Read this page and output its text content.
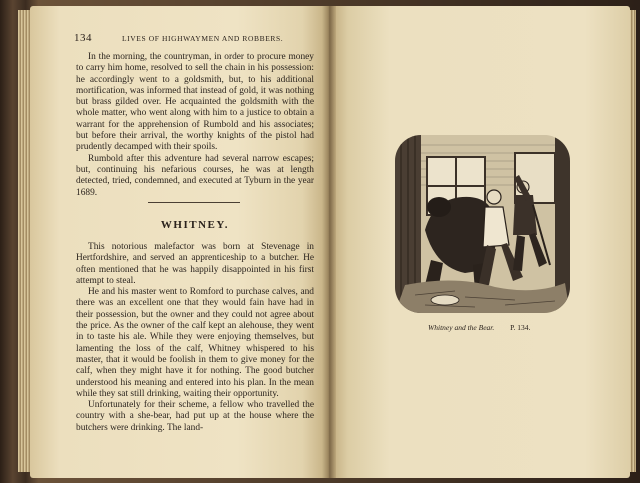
134	LIVES OF HIGHWAYMEN AND ROBBERS.

In the morning, the countryman, in order to procure money to carry him home, resolved to sell the chain in his possession: he accordingly went to a goldsmith, but, to his additional mortification, was informed that instead of gold, it was nothing but brass gilded over. He acquainted the goldsmith with the whole matter, who went along with him to a justice to obtain a warrant for the apprehension of Rumbold and his associates; but before their arrival, the worthy knights of the pistol had prudently decamped with their spoils.

Rumbold after this adventure had several narrow escapes; but, continuing his nefarious courses, he was at length detected, tried, condemned, and executed at Tyburn in the year 1689.

WHITNEY.

This notorious malefactor was born at Stevenage in Hertfordshire, and served an apprenticeship to a butcher. He often mentioned that he was happily disappointed in his first attempt to steal.

He and his master went to Romford to purchase calves, and there was an excellent one that they would fain have had in their possession, but the owner and they could not agree about the price. As the owner of the calf kept an alehouse, they went in to taste his ale. While they were enjoying themselves, but lamenting the loss of the calf, Whitney whispered to his master, that it would be foolish in them to give money for the calf, when they might have it for nothing. The good butcher understood his meaning and entered into his plan. In the mean while they sat still drinking, waiting their opportunity.

Unfortunately for their scheme, a fellow who travelled the country with a she-bear, had put up at the house where the butchers were drinking. The land-

Whitney and the Bear. P. 134.
